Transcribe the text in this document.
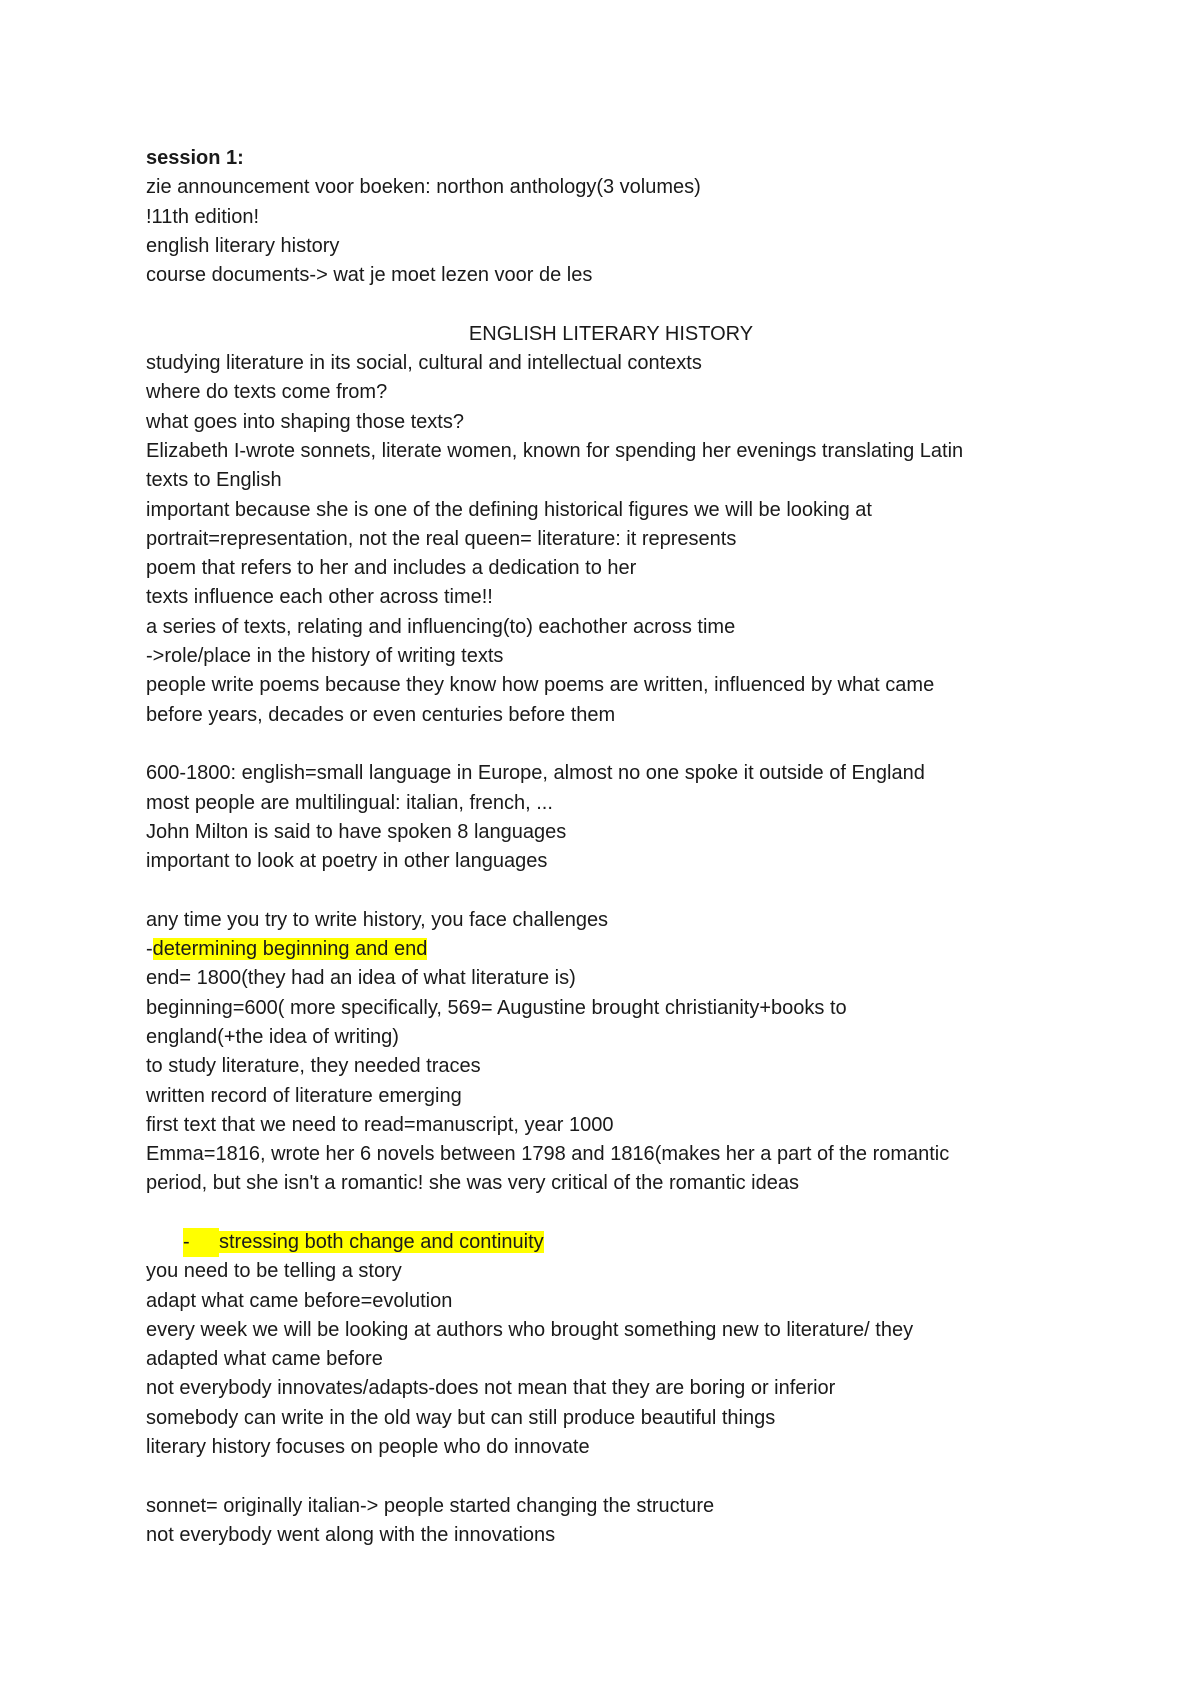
session 1:
zie announcement voor boeken: northon anthology(3 volumes)
!11th edition!
english literary history
course documents-> wat je moet lezen voor de les
ENGLISH LITERARY HISTORY
studying literature in its social, cultural and intellectual contexts
where do texts come from?
what goes into shaping those texts?
Elizabeth I-wrote sonnets, literate women, known for spending her evenings translating Latin
texts to English
important because she is one of the defining historical figures we will be looking at
portrait=representation, not the real queen= literature: it represents
poem that refers to her and includes a dedication to her
texts influence each other across time!!
a series of texts, relating and influencing(to) eachother across time
->role/place in the history of writing texts
people write poems because they know how poems are written, influenced by what came
before years, decades or even centuries before them
600-1800: english=small language in Europe, almost no one spoke it outside of England
most people are multilingual: italian, french, ...
John Milton is said to have spoken 8 languages
important to look at poetry in other languages
any time you try to write history, you face challenges
-determining beginning and end
end= 1800(they had an idea of what literature is)
beginning=600( more specifically, 569= Augustine brought christianity+books to
england(+the idea of writing)
to study literature, they needed traces
written record of literature emerging
first text that we need to read=manuscript, year 1000
Emma=1816, wrote her 6 novels between 1798 and 1816(makes her a part of the romantic
period, but she isn't a romantic! she was very critical of the romantic ideas
- stressing both change and continuity
you need to be telling a story
adapt what came before=evolution
every week we will be looking at authors who brought something new to literature/ they
adapted what came before
not everybody innovates/adapts-does not mean that they are boring or inferior
somebody can write in the old way but can still produce beautiful things
literary history focuses on people who do innovate
sonnet= originally italian-> people started changing the structure
not everybody went along with the innovations
